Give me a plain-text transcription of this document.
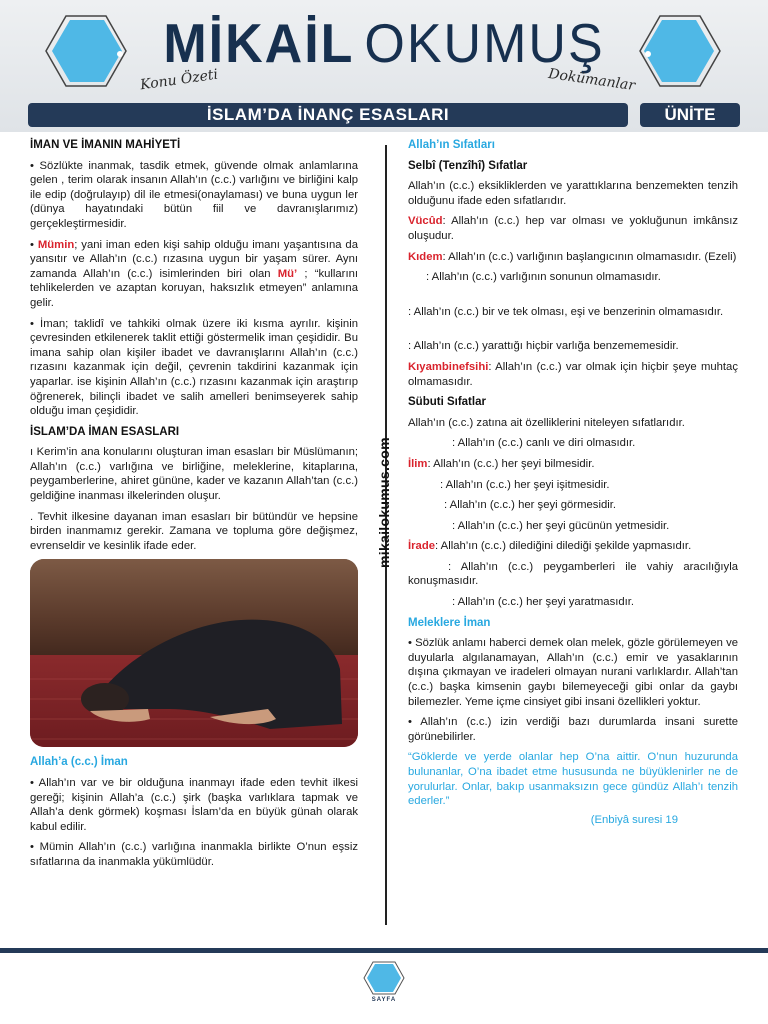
MİKAİL OKUMUŞ
Konu Özeti	Dokümanlar
İSLAM’DA İNANÇ ESASLARI	ÜNİTE
İMAN VE İMANIN MAHİYETİ
• Sözlükte inanmak, tasdik etmek, güvende olmak anlamlarına gelen , terim olarak insanın Allah’ın (c.c.) varlığını ve birliğini kalp ile edip (doğrulayıp) dil ile etmesi(onaylaması) ve buna uygun ler (dünya hayatındaki bütün fiil ve davranışlarımız) gerçekleştirmesidir.
• Mümin; yani iman eden kişi sahip olduğu imanı yaşantısına da yansıtır ve Allah’ın (c.c.) rızasına uygun bir yaşam sürer. Aynı zamanda Allah’ın (c.c.) isimlerinden biri olan Mü’ ; “kullarını tehlikelerden ve azaptan koruyan, haksızlık etmeyen” anlamına gelir.
• İman; taklidî ve tahkiki olmak üzere iki kısma ayrılır. kişinin çevresinden etkilenerek taklit ettiği göstermelik iman çeşididir. Bu imana sahip olan kişiler ibadet ve davranışlarını Allah’ın (c.c.) rızasını kazanmak için değil, çevrenin takdirini kazanmak için yaparlar. ise kişinin Allah’ın (c.c.) rızasını kazanmak için araştırıp öğrenerek, bilinçli ibadet ve salih amelleri benimseyerek sahip olduğu iman çeşididir.
İSLAM’DA İMAN ESASLARI
ı Kerim’in ana konularını oluşturan iman esasları bir Müslümanın; Allah’ın (c.c.) varlığına ve birliğine, meleklerine, kitaplarına, peygamberlerine, ahiret gününe, kader ve kazanın Allah’tan (c.c.) geldiğine inanması ilkelerinden oluşur.
. Tevhit ilkesine dayanan iman esasları bir bütündür ve hepsine birden inanmamız gerekir. Zamana ve topluma göre değişmez, evrenseldir ve kesinlik ifade eder.
Allah’a (c.c.) İman
• Allah’ın var ve bir olduğuna inanmayı ifade eden tevhit ilkesi gereği; kişinin Allah’a (c.c.) şirk (başka varlıklara tapmak ve Allah’a denk görmek) koşması İslam’da en büyük günah olarak kabul edilir.
• Mümin Allah’ın (c.c.) varlığına inanmakla birlikte O’nun eşsiz sıfatlarına da inanmakla yükümlüdür.
mikailokumus.com
Allah’ın Sıfatları
Selbî (Tenzîhî) Sıfatlar
Allah’ın (c.c.) eksikliklerden ve yarattıklarına benzemekten tenzih olduğunu ifade eden sıfatlarıdır.
Vücûd: Allah’ın (c.c.) hep var olması ve yokluğunun imkânsız oluşudur.
Kıdem: Allah’ın (c.c.) varlığının başlangıcının olmamasıdır. (Ezeli)
: Allah’ın (c.c.) varlığının sonunun olmamasıdır.
: Allah’ın (c.c.) bir ve tek olması, eşi ve benzerinin olmamasıdır.
: Allah’ın (c.c.) yarattığı hiçbir varlığa benzememesidir.
Kıyambinefsihi: Allah’ın (c.c.) var olmak için hiçbir şeye muhtaç olmamasıdır.
Sübuti Sıfatlar
Allah’ın (c.c.) zatına ait özelliklerini niteleyen sıfatlarıdır.
: Allah’ın (c.c.) canlı ve diri olmasıdır.
İlim: Allah’ın (c.c.) her şeyi bilmesidir.
: Allah’ın (c.c.) her şeyi işitmesidir.
: Allah’ın (c.c.) her şeyi görmesidir.
: Allah’ın (c.c.) her şeyi gücünün yetmesidir.
İrade: Allah’ın (c.c.) dilediğini dilediği şekilde yapmasıdır.
: Allah’ın (c.c.) peygamberleri ile vahiy aracılığıyla konuşmasıdır.
: Allah’ın (c.c.) her şeyi yaratmasıdır.
Meleklere İman
• Sözlük anlamı haberci demek olan melek, gözle görülemeyen ve duyularla algılanamayan, Allah’ın (c.c.) emir ve yasaklarının dışına çıkmayan ve iradeleri olmayan nurani varlıklardır. Allah’tan (c.c.) başka kimsenin gaybı bilemeyeceği gibi onlar da gaybı bilemezler. Yeme içme cinsiyet gibi insani özellikleri yoktur.
• Allah’ın (c.c.) izin verdiği bazı durumlarda insani surette görünebilirler.
“Göklerde ve yerde olanlar hep O’na aittir. O’nun huzurunda bulunanlar, O’na ibadet etme hususunda ne büyüklenirler ne de yorulurlar. Onlar, bakıp usanmaksızın gece gündüz Allah’ı tenzih ederler.”
(Enbiyâ suresi 19
SAYFA
